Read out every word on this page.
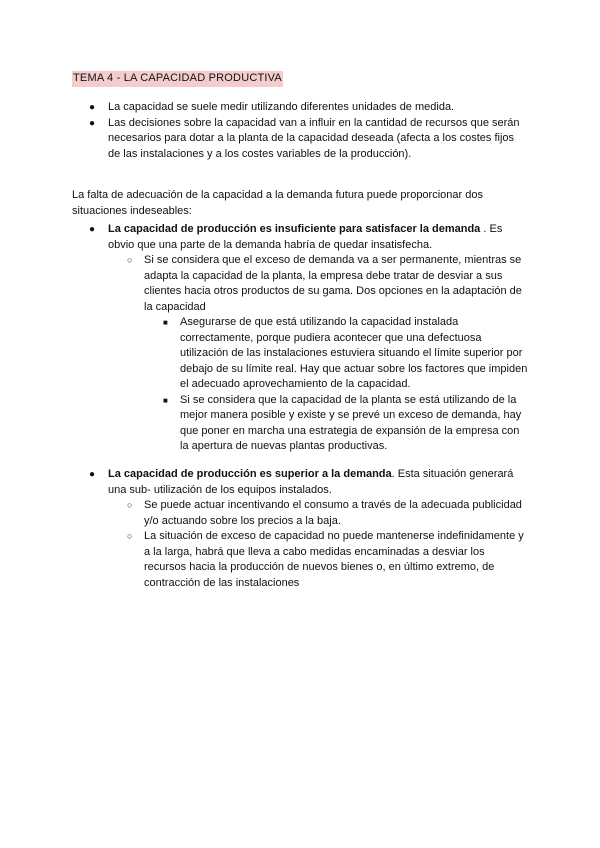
TEMA 4 - LA CAPACIDAD PRODUCTIVA
● La capacidad se suele medir utilizando diferentes unidades de medida.
● Las decisiones sobre la capacidad van a influir en la cantidad de recursos que serán necesarios para dotar a la planta de la capacidad deseada (afecta a los costes fijos de las instalaciones y a los costes variables de la producción).

La falta de adecuación de la capacidad a la demanda futura puede proporcionar dos situaciones indeseables:

● La capacidad de producción es insuficiente para satisfacer la demanda . Es obvio que una parte de la demanda habría de quedar insatisfecha.
○ Si se considera que el exceso de demanda va a ser permanente, mientras se adapta la capacidad de la planta, la empresa debe tratar de desviar a sus clientes hacia otros productos de su gama. Dos opciones en la adaptación de la capacidad
■ Asegurarse de que está utilizando la capacidad instalada correctamente, porque pudiera acontecer que una defectuosa utilización de las instalaciones estuviera situando el límite superior por debajo de su límite real. Hay que actuar sobre los factores que impiden el adecuado aprovechamiento de la capacidad.
■ Si se considera que la capacidad de la planta se está utilizando de la mejor manera posible y existe y se prevé un exceso de demanda, hay que poner en marcha una estrategia de expansión de la empresa con la apertura de nuevas plantas productivas.
● La capacidad de producción es superior a la demanda. Esta situación generará una sub- utilización de los equipos instalados.
○ Se puede actuar incentivando el consumo a través de la adecuada publicidad y/o actuando sobre los precios a la baja.
○ La situación de exceso de capacidad no puede mantenerse indefinidamente y a la larga, habrá que lleva a cabo medidas encaminadas a desviar los recursos hacia la producción de nuevos bienes o, en último extremo, de contracción de las instalaciones
